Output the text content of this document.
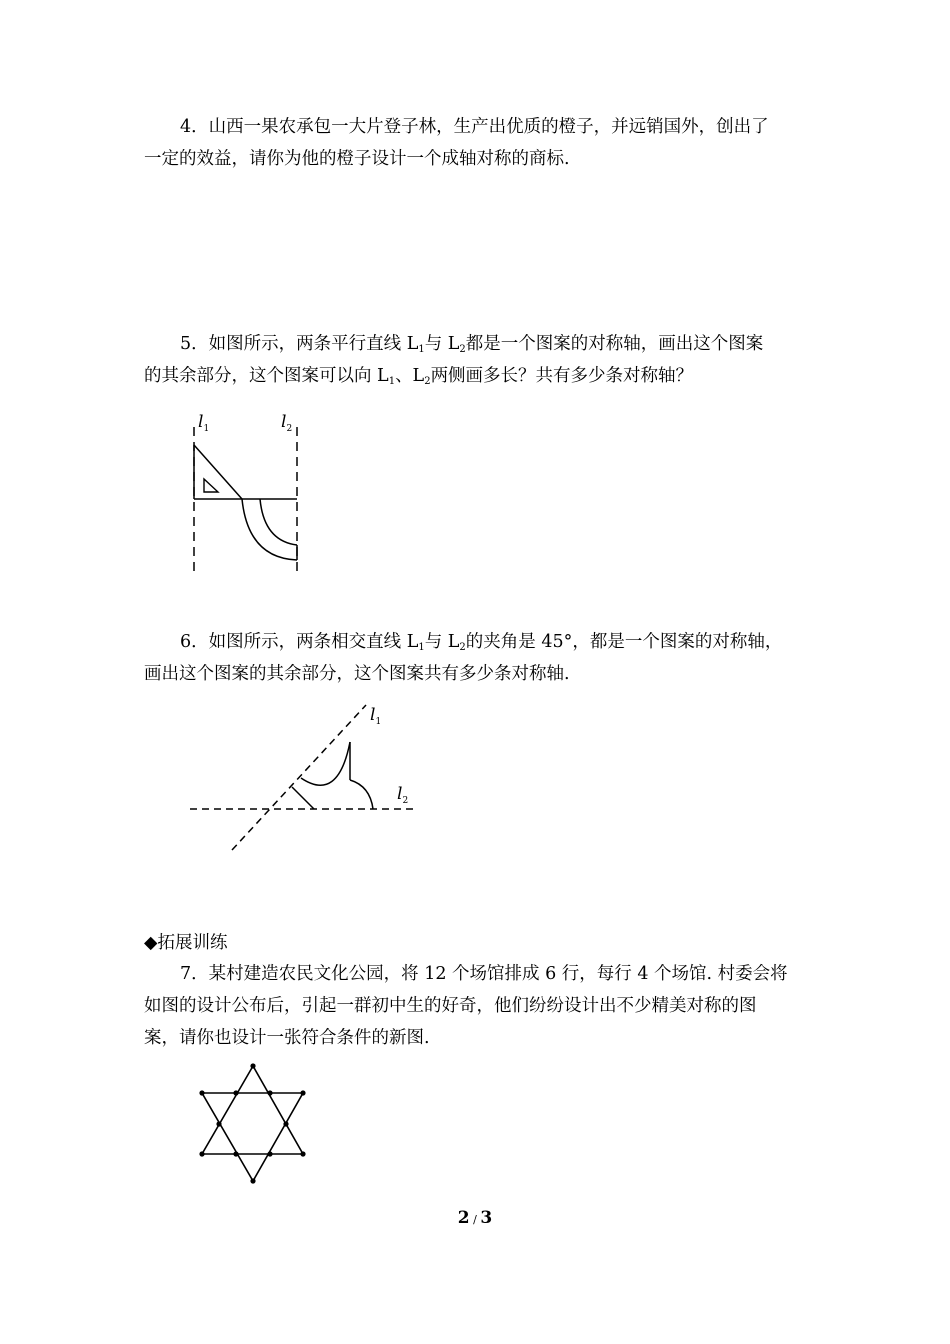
4．山西一果农承包一大片登子林，生产出优质的橙子，并远销国外，创出了

一定的效益，请你为他的橙子设计一个成轴对称的商标.

5．如图所示，两条平行直线 $L_1$与 $L_2$都是一个图案的对称轴，画出这个图案

的其余部分，这个图案可以向 $L_1$、$L_2$两侧画多长？共有多少条对称轴？

$l_1$	$l_2$

6．如图所示，两条相交直线 $L_1$与 $L_2$的夹角是 45°，都是一个图案的对称轴，

画出这个图案的其余部分，这个图案共有多少条对称轴.

$l_1$
$l_2$

◆拓展训练

7．某村建造农民文化公园，将 12 个场馆排成 6 行，每行 4 个场馆. 村委会将

如图的设计公布后，引起一群初中生的好奇，他们纷纷设计出不少精美对称的图

案，请你也设计一张符合条件的新图.

2 / 3
